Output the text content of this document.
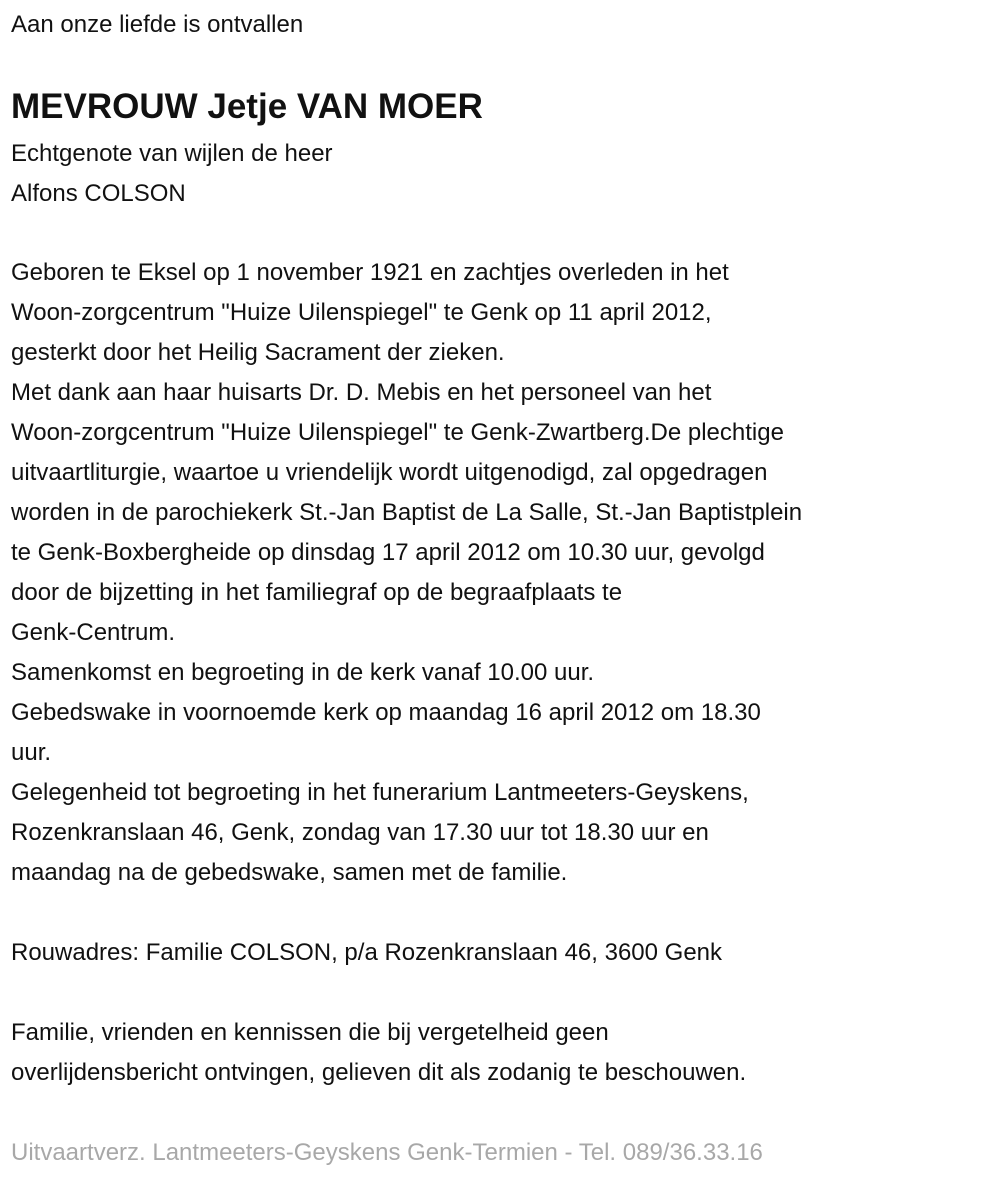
Aan onze liefde is ontvallen
MEVROUW Jetje VAN MOER
Echtgenote van wijlen de heer
Alfons COLSON
Geboren te Eksel op 1 november 1921 en zachtjes overleden in het
Woon-zorgcentrum "Huize Uilenspiegel" te Genk op 11 april 2012,
gesterkt door het Heilig Sacrament der zieken.
Met dank aan haar huisarts Dr. D. Mebis en het personeel van het
Woon-zorgcentrum "Huize Uilenspiegel" te Genk-Zwartberg.De plechtige
uitvaartliturgie, waartoe u vriendelijk wordt uitgenodigd, zal opgedragen
worden in de parochiekerk St.-Jan Baptist de La Salle, St.-Jan Baptistplein
te Genk-Boxbergheide op dinsdag 17 april 2012 om 10.30 uur, gevolgd
door de bijzetting in het familiegraf op de begraafplaats te
Genk-Centrum.
Samenkomst en begroeting in de kerk vanaf 10.00 uur.
Gebedswake in voornoemde kerk op maandag 16 april 2012 om 18.30
uur.
Gelegenheid tot begroeting in het funerarium Lantmeeters-Geyskens,
Rozenkranslaan 46, Genk, zondag van 17.30 uur tot 18.30 uur en
maandag na de gebedswake, samen met de familie.
Rouwadres: Familie COLSON, p/a Rozenkranslaan 46, 3600 Genk
Familie, vrienden en kennissen die bij vergetelheid geen
overlijdensbericht ontvingen, gelieven dit als zodanig te beschouwen.
Uitvaartverz. Lantmeeters-Geyskens Genk-Termien - Tel. 089/36.33.16
